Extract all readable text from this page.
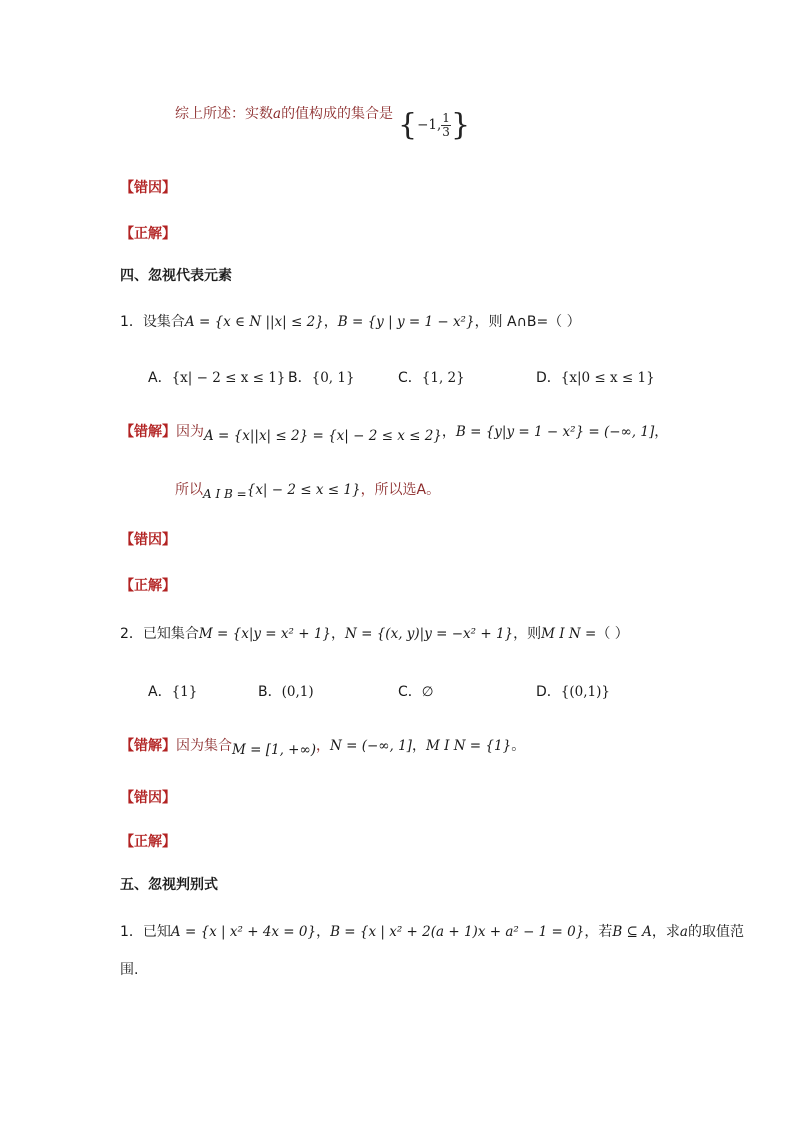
综上所述：实数a的值构成的集合是 {−1, $\frac{1}{3}$ }
【错因】
【正解】
四、忽视代表元素
1．设集合A = {x ∈ N ||x| ≤ 2}，B = {y | y = 1 − x²}，则 A∩B=（ ）
A．{x| − 2 ≤ x ≤ 1} B．{0, 1}	C．{1, 2}	D．{x|0 ≤ x ≤ 1}
【错解】因为A = {x||x| ≤ 2} = {x| − 2 ≤ x ≤ 2}，B = {y|y = 1 − x²} = (−∞, 1]，
所以A I B ={x| − 2 ≤ x ≤ 1}，所以选A。
【错因】
【正解】
2．已知集合M = {x|y = x² + 1}，N = {(x, y)|y = −x² + 1}，则M I N =（ ）
A．{1}	B．(0,1)	C．∅	D．{(0,1)}
【错解】因为集合M = [1, +∞)，N = (−∞, 1]，M I N = {1}。
【错因】
【正解】
五、忽视判别式
1．已知A = {x | x² + 4x = 0}，B = {x | x² + 2(a + 1)x + a² − 1 = 0}，若B ⊆ A，求a的取值范
围.
